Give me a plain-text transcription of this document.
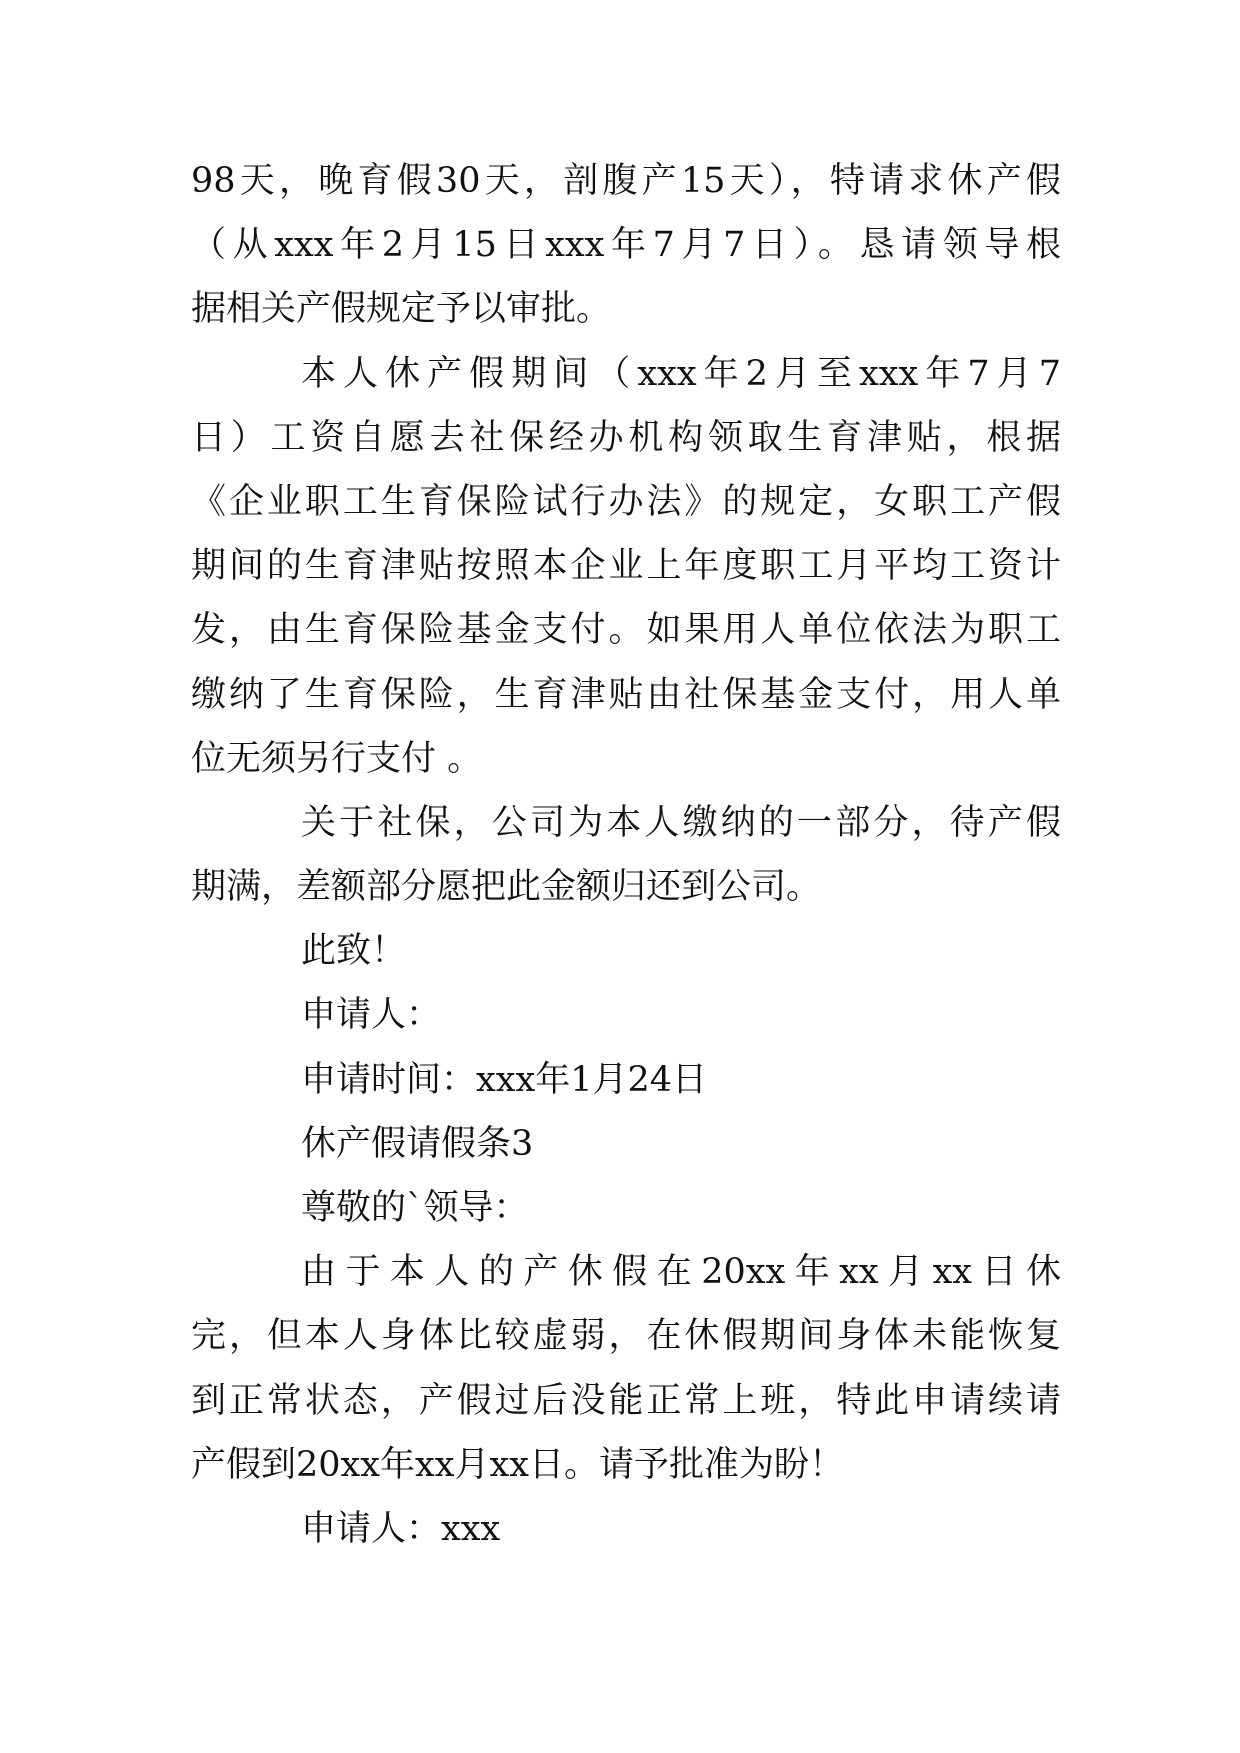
98天，晚育假30天，剖腹产15天），特请求休产假
（从xxx年2月15日xxx年7月7日）。恳请领导根
据相关产假规定予以审批。
本人休产假期间（xxx年2月至xxx年7月7
日）工资自愿去社保经办机构领取生育津贴，根据
《企业职工生育保险试行办法》的规定，女职工产假
期间的生育津贴按照本企业上年度职工月平均工资计
发，由生育保险基金支付。如果用人单位依法为职工
缴纳了生育保险，生育津贴由社保基金支付，用人单
位无须另行支付 。
关于社保，公司为本人缴纳的一部分，待产假
期满，差额部分愿把此金额归还到公司。
此致！
申请人：
申请时间：xxx年1月24日
休产假请假条3
尊敬的`领导：
由于本人的产休假在20xx年xx月xx日休
完，但本人身体比较虚弱，在休假期间身体未能恢复
到正常状态，产假过后没能正常上班，特此申请续请
产假到20xx年xx月xx日。请予批准为盼！
申请人：xxx
